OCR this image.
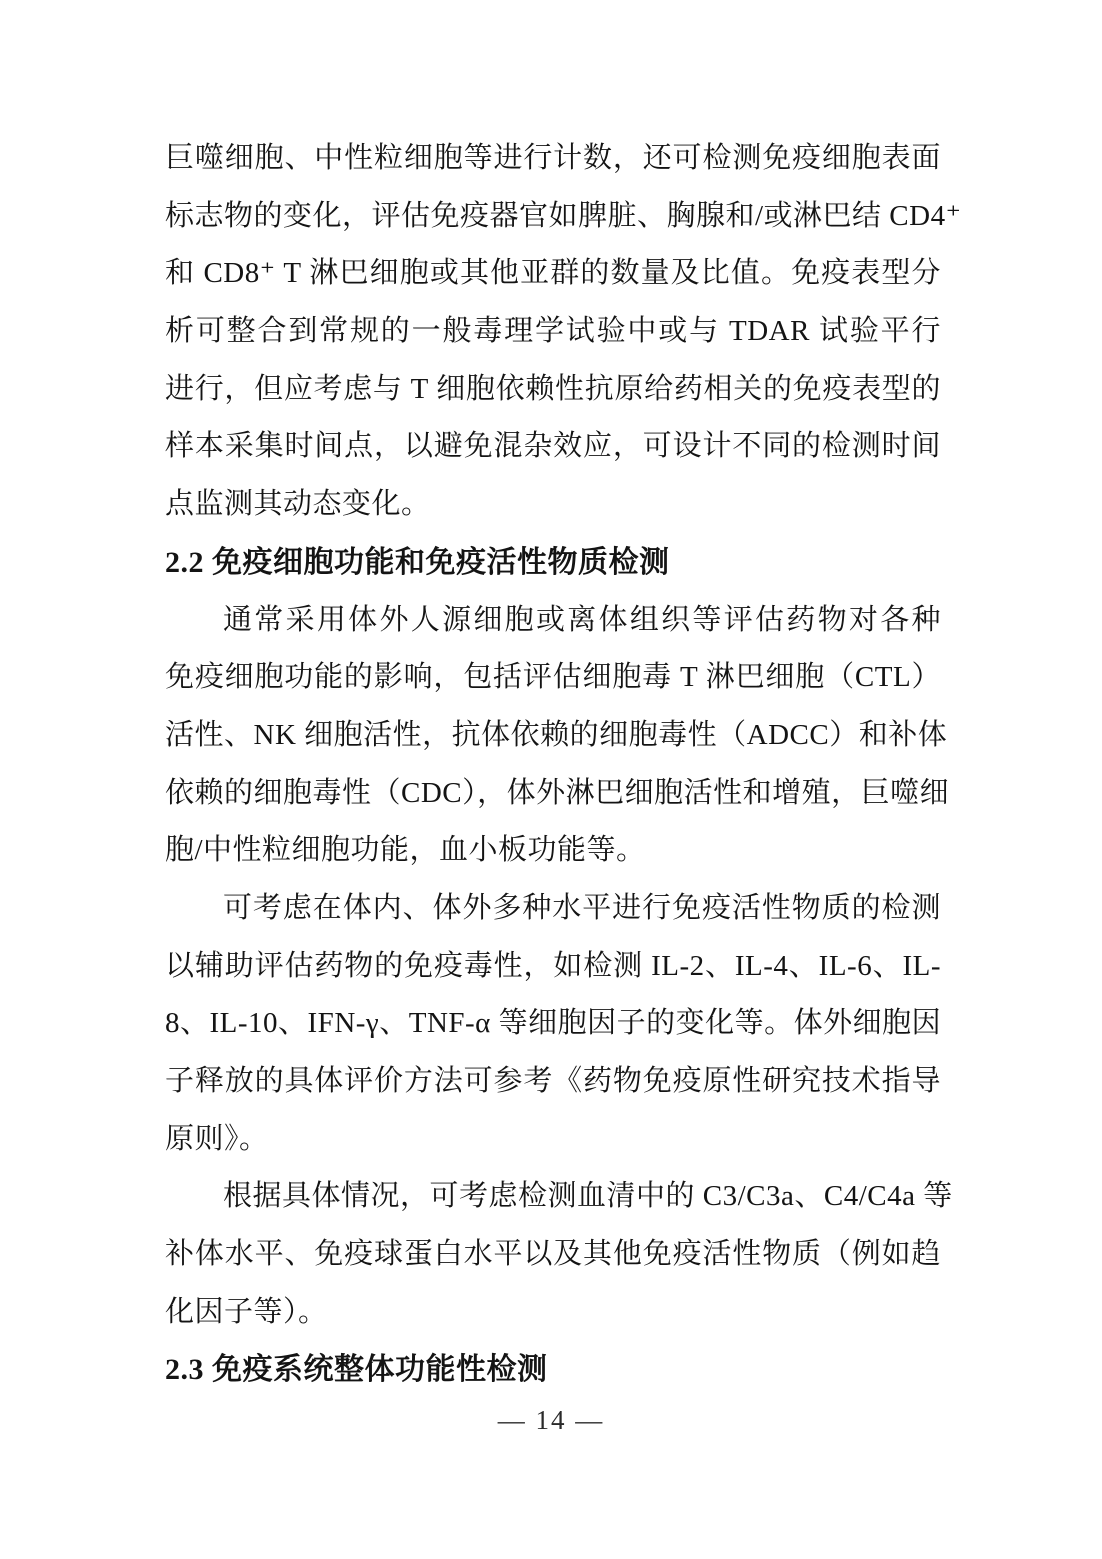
巨噬细胞、中性粒细胞等进行计数，还可检测免疫细胞表面
标志物的变化，评估免疫器官如脾脏、胸腺和/或淋巴结 CD4⁺
和 CD8⁺ T 淋巴细胞或其他亚群的数量及比值。免疫表型分
析可整合到常规的一般毒理学试验中或与 TDAR 试验平行
进行，但应考虑与 T 细胞依赖性抗原给药相关的免疫表型的
样本采集时间点，以避免混杂效应，可设计不同的检测时间
点监测其动态变化。
2.2 免疫细胞功能和免疫活性物质检测
通常采用体外人源细胞或离体组织等评估药物对各种
免疫细胞功能的影响，包括评估细胞毒 T 淋巴细胞（CTL）
活性、NK 细胞活性，抗体依赖的细胞毒性（ADCC）和补体
依赖的细胞毒性（CDC），体外淋巴细胞活性和增殖，巨噬细
胞/中性粒细胞功能，血小板功能等。
可考虑在体内、体外多种水平进行免疫活性物质的检测
以辅助评估药物的免疫毒性，如检测 IL-2、IL-4、IL-6、IL-
8、IL-10、IFN-γ、TNF-α 等细胞因子的变化等。体外细胞因
子释放的具体评价方法可参考《药物免疫原性研究技术指导
原则》。
根据具体情况，可考虑检测血清中的 C3/C3a、C4/C4a 等
补体水平、免疫球蛋白水平以及其他免疫活性物质（例如趋
化因子等）。
2.3 免疫系统整体功能性检测
— 14 —
